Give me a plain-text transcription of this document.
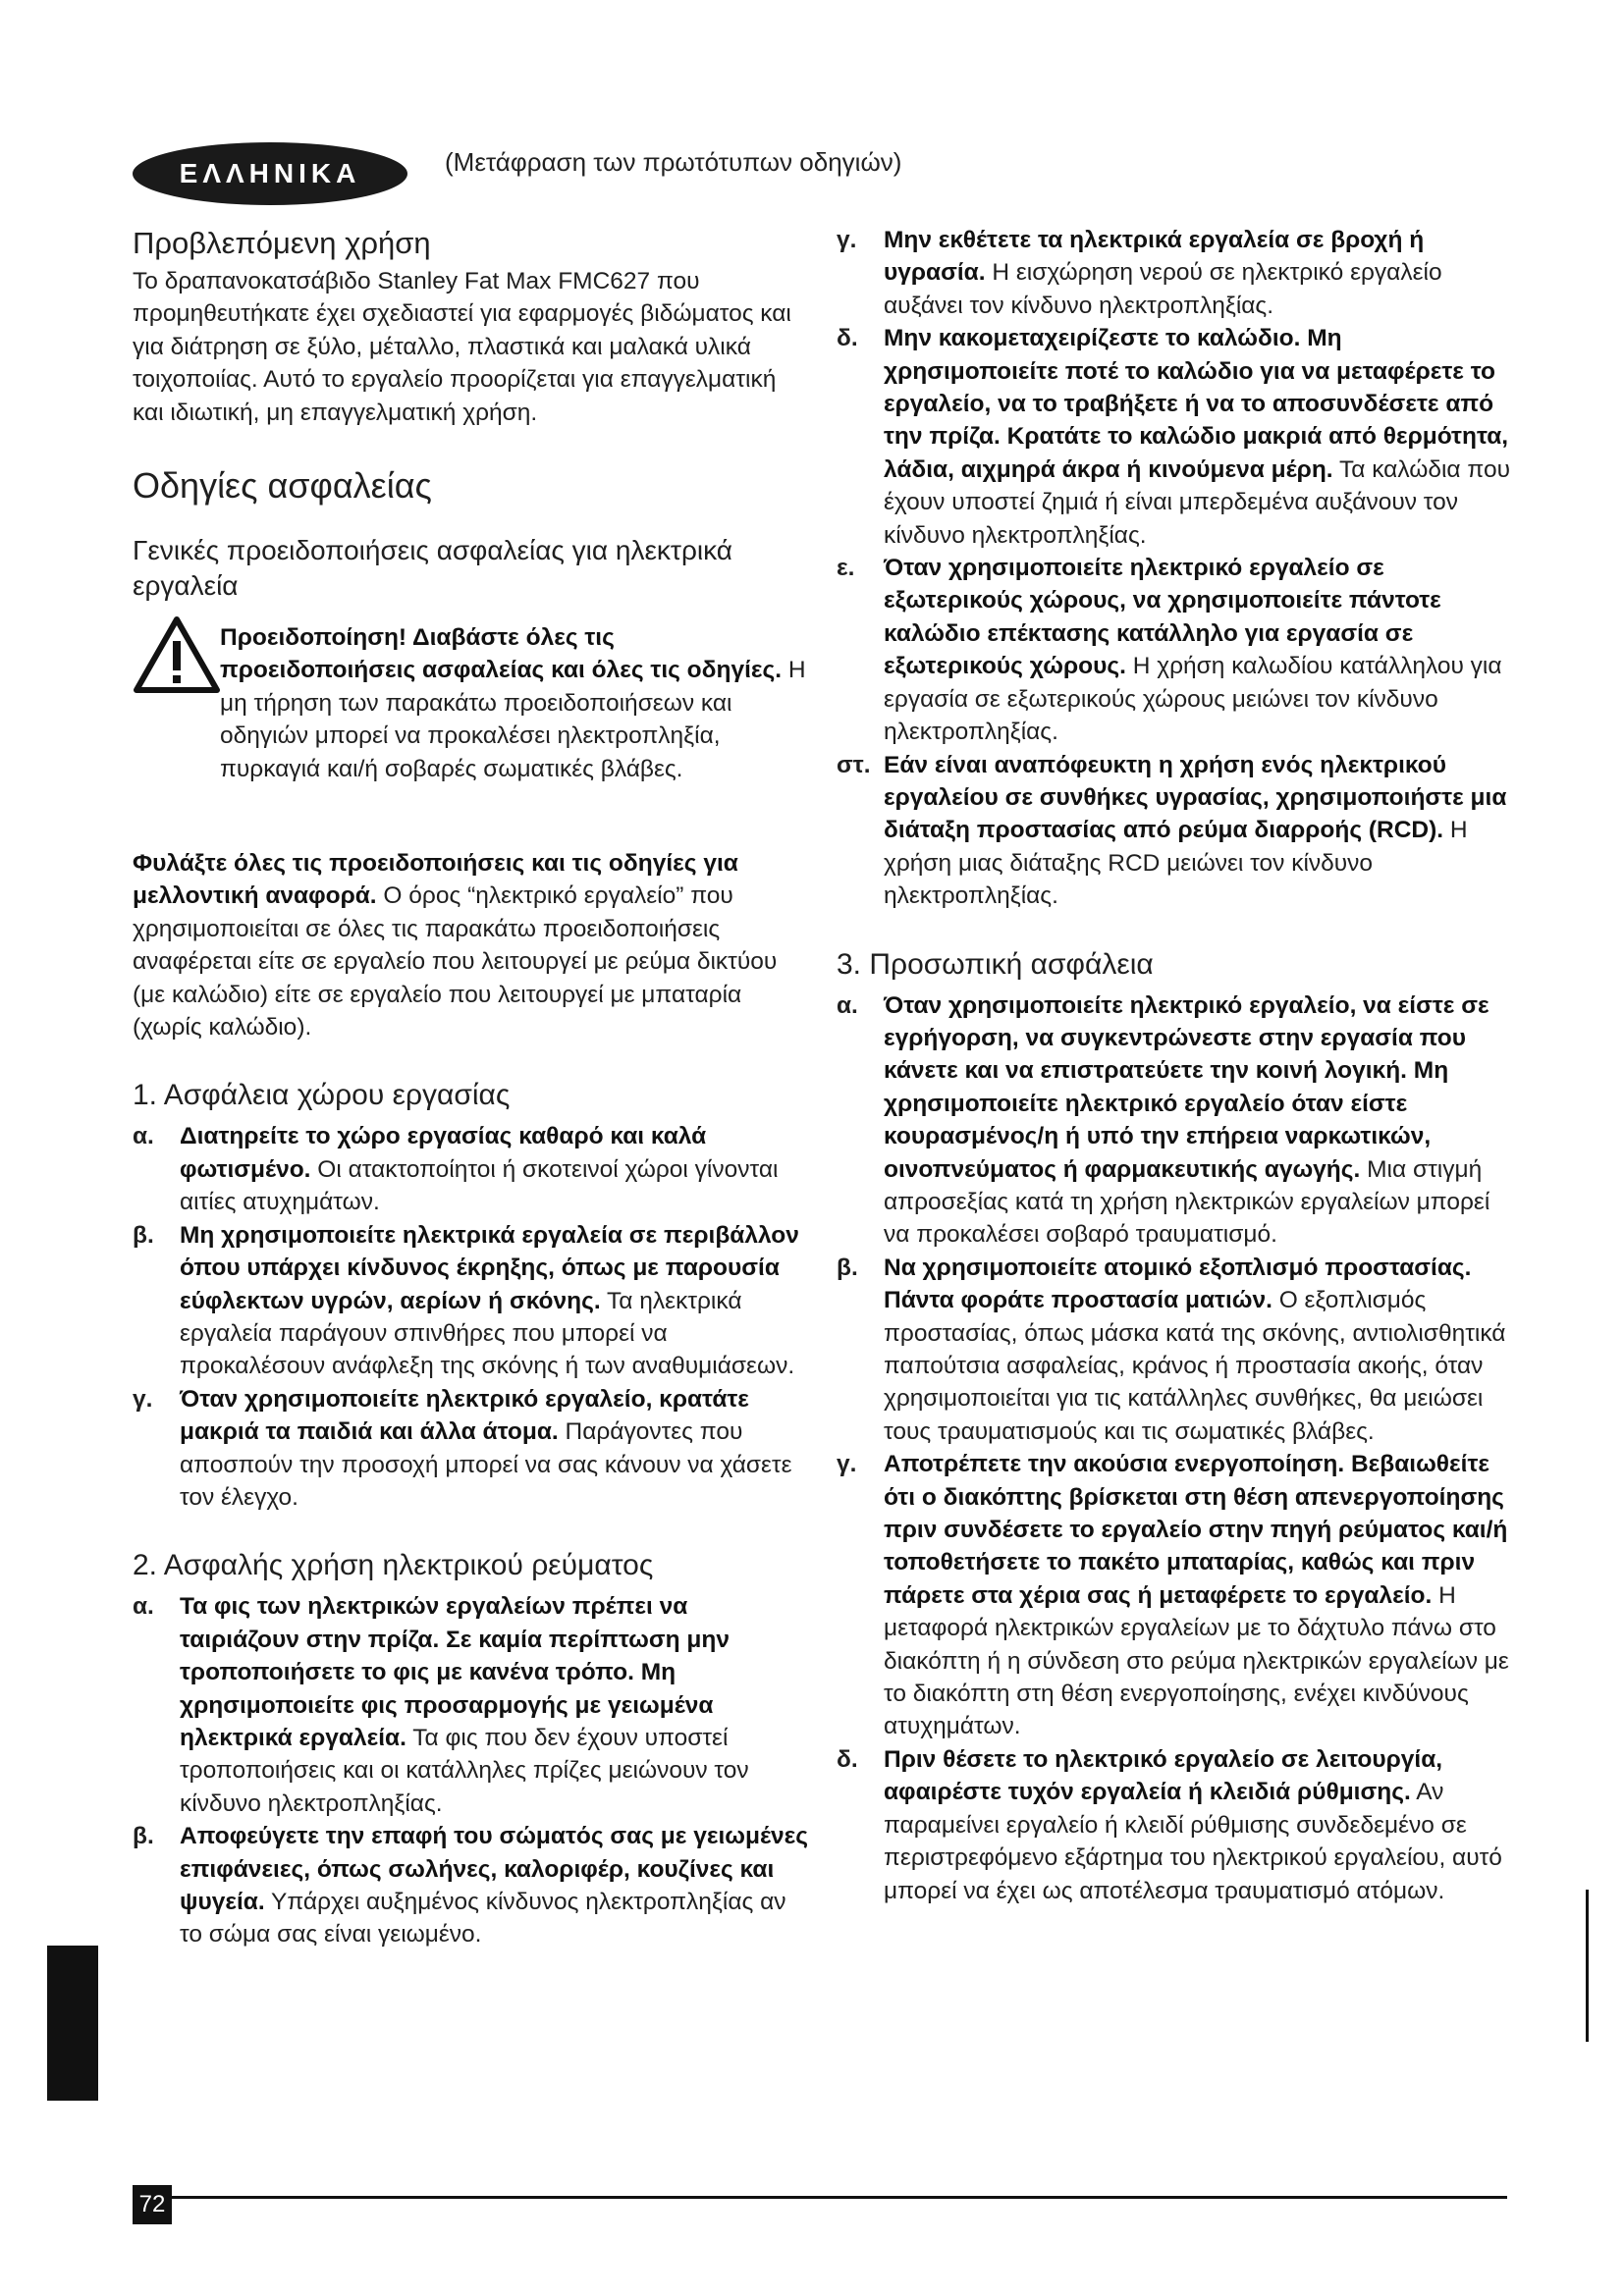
ΕΛΛΗΝΙΚΑ	(Μετάφραση των πρωτότυπων οδηγιών)
Προβλεπόμενη χρήση

Το δραπανοκατσάβιδο Stanley Fat Max FMC627 που προμηθευτήκατε έχει σχεδιαστεί για εφαρμογές βιδώματος και για διάτρηση σε ξύλο, μέταλλο, πλαστικά και μαλακά υλικά τοιχοποιίας. Αυτό το εργαλείο προορίζεται για επαγγελματική και ιδιωτική, μη επαγγελματική χρήση.

Οδηγίες ασφαλείας
Γενικές προειδοποιήσεις ασφαλείας για ηλεκτρικά εργαλεία

Προειδοποίηση! Διαβάστε όλες τις προειδοποιήσεις ασφαλείας και όλες τις οδηγίες. Η μη τήρηση των παρακάτω προειδοποιήσεων και οδηγιών μπορεί να προκαλέσει ηλεκτροπληξία, πυρκαγιά και/ή σοβαρές σωματικές βλάβες.

Φυλάξτε όλες τις προειδοποιήσεις και τις οδηγίες για μελλοντική αναφορά. Ο όρος “ηλεκτρικό εργαλείο” που χρησιμοποιείται σε όλες τις παρακάτω προειδοποιήσεις αναφέρεται είτε σε εργαλείο που λειτουργεί με ρεύμα δικτύου (με καλώδιο) είτε σε εργαλείο που λειτουργεί με μπαταρία (χωρίς καλώδιο).

1. Ασφάλεια χώρου εργασίας
α. Διατηρείτε το χώρο εργασίας καθαρό και καλά φωτισμένο. Οι ατακτοποίητοι ή σκοτεινοί χώροι γίνονται αιτίες ατυχημάτων.
β. Μη χρησιμοποιείτε ηλεκτρικά εργαλεία σε περιβάλλον όπου υπάρχει κίνδυνος έκρηξης, όπως με παρουσία εύφλεκτων υγρών, αερίων ή σκόνης. Τα ηλεκτρικά εργαλεία παράγουν σπινθήρες που μπορεί να προκαλέσουν ανάφλεξη της σκόνης ή των αναθυμιάσεων.
γ. Όταν χρησιμοποιείτε ηλεκτρικό εργαλείο, κρατάτε μακριά τα παιδιά και άλλα άτομα. Παράγοντες που αποσπούν την προσοχή μπορεί να σας κάνουν να χάσετε τον έλεγχο.
2. Ασφαλής χρήση ηλεκτρικού ρεύματος
α. Τα φις των ηλεκτρικών εργαλείων πρέπει να ταιριάζουν στην πρίζα. Σε καμία περίπτωση μην τροποποιήσετε το φις με κανένα τρόπο. Μη χρησιμοποιείτε φις προσαρμογής με γειωμένα ηλεκτρικά εργαλεία. Τα φις που δεν έχουν υποστεί τροποποιήσεις και οι κατάλληλες πρίζες μειώνουν τον κίνδυνο ηλεκτροπληξίας.
β. Αποφεύγετε την επαφή του σώματός σας με γειωμένες επιφάνειες, όπως σωλήνες, καλοριφέρ, κουζίνες και ψυγεία. Υπάρχει αυξημένος κίνδυνος ηλεκτροπληξίας αν το σώμα σας είναι γειωμένο.
γ. Μην εκθέτετε τα ηλεκτρικά εργαλεία σε βροχή ή υγρασία. Η εισχώρηση νερού σε ηλεκτρικό εργαλείο αυξάνει τον κίνδυνο ηλεκτροπληξίας.
δ. Μην κακομεταχειρίζεστε το καλώδιο. Μη χρησιμοποιείτε ποτέ το καλώδιο για να μεταφέρετε το εργαλείο, να το τραβήξετε ή να το αποσυνδέσετε από την πρίζα. Κρατάτε το καλώδιο μακριά από θερμότητα, λάδια, αιχμηρά άκρα ή κινούμενα μέρη. Τα καλώδια που έχουν υποστεί ζημιά ή είναι μπερδεμένα αυξάνουν τον κίνδυνο ηλεκτροπληξίας.
ε. Όταν χρησιμοποιείτε ηλεκτρικό εργαλείο σε εξωτερικούς χώρους, να χρησιμοποιείτε πάντοτε καλώδιο επέκτασης κατάλληλο για εργασία σε εξωτερικούς χώρους. Η χρήση καλωδίου κατάλληλου για εργασία σε εξωτερικούς χώρους μειώνει τον κίνδυνο ηλεκτροπληξίας.
στ. Εάν είναι αναπόφευκτη η χρήση ενός ηλεκτρικού εργαλείου σε συνθήκες υγρασίας, χρησιμοποιήστε μια διάταξη προστασίας από ρεύμα διαρροής (RCD). Η χρήση μιας διάταξης RCD μειώνει τον κίνδυνο ηλεκτροπληξίας.
3. Προσωπική ασφάλεια
α. Όταν χρησιμοποιείτε ηλεκτρικό εργαλείο, να είστε σε εγρήγορση, να συγκεντρώνεστε στην εργασία που κάνετε και να επιστρατεύετε την κοινή λογική. Μη χρησιμοποιείτε ηλεκτρικό εργαλείο όταν είστε κουρασμένος/η ή υπό την επήρεια ναρκωτικών, οινοπνεύματος ή φαρμακευτικής αγωγής. Μια στιγμή απροσεξίας κατά τη χρήση ηλεκτρικών εργαλείων μπορεί να προκαλέσει σοβαρό τραυματισμό.
β. Να χρησιμοποιείτε ατομικό εξοπλισμό προστασίας. Πάντα φοράτε προστασία ματιών. Ο εξοπλισμός προστασίας, όπως μάσκα κατά της σκόνης, αντιολισθητικά παπούτσια ασφαλείας, κράνος ή προστασία ακοής, όταν χρησιμοποιείται για τις κατάλληλες συνθήκες, θα μειώσει τους τραυματισμούς και τις σωματικές βλάβες.
γ. Αποτρέπετε την ακούσια ενεργοποίηση. Βεβαιωθείτε ότι ο διακόπτης βρίσκεται στη θέση απενεργοποίησης πριν συνδέσετε το εργαλείο στην πηγή ρεύματος και/ή τοποθετήσετε το πακέτο μπαταρίας, καθώς και πριν πάρετε στα χέρια σας ή μεταφέρετε το εργαλείο. Η μεταφορά ηλεκτρικών εργαλείων με το δάχτυλο πάνω στο διακόπτη ή η σύνδεση στο ρεύμα ηλεκτρικών εργαλείων με το διακόπτη στη θέση ενεργοποίησης, ενέχει κινδύνους ατυχημάτων.
δ. Πριν θέσετε το ηλεκτρικό εργαλείο σε λειτουργία, αφαιρέστε τυχόν εργαλεία ή κλειδιά ρύθμισης. Αν παραμείνει εργαλείο ή κλειδί ρύθμισης συνδεδεμένο σε περιστρεφόμενο εξάρτημα του ηλεκτρικού εργαλείου, αυτό μπορεί να έχει ως αποτέλεσμα τραυματισμό ατόμων.
72
